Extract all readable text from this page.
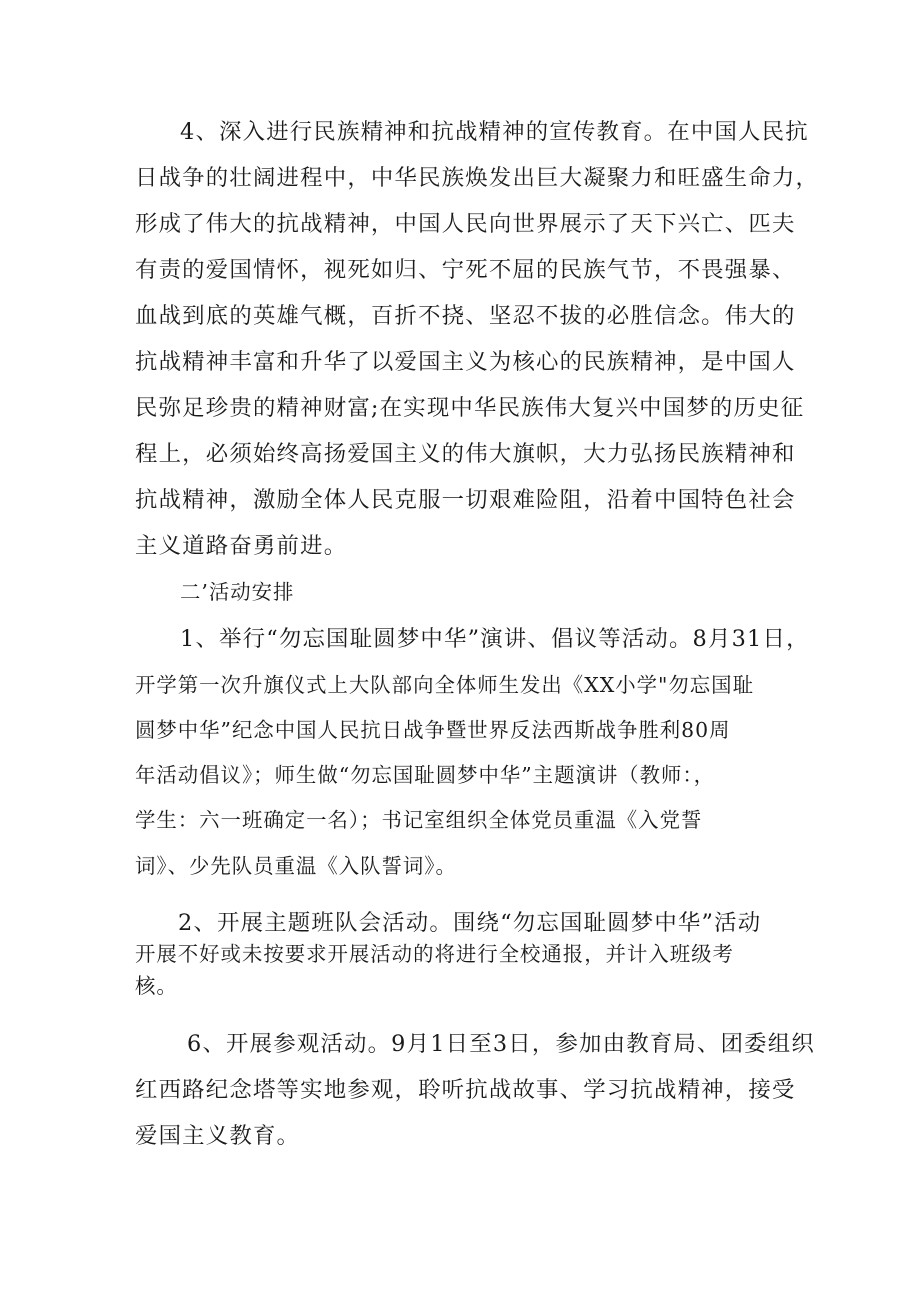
4、深入进行民族精神和抗战精神的宣传教育。在中国人民抗

日战争的壮阔进程中，中华民族焕发出巨大凝聚力和旺盛生命力，

形成了伟大的抗战精神，中国人民向世界展示了天下兴亡、匹夫

有责的爱国情怀，视死如归、宁死不屈的民族气节，不畏强暴、

血战到底的英雄气概，百折不挠、坚忍不拔的必胜信念。伟大的

抗战精神丰富和升华了以爱国主义为核心的民族精神，是中国人

民弥足珍贵的精神财富;在实现中华民族伟大复兴中国梦的历史征

程上，必须始终高扬爱国主义的伟大旗帜，大力弘扬民族精神和

抗战精神，激励全体人民克服一切艰难险阻，沿着中国特色社会

主义道路奋勇前进。

二’活动安排

1、举行“勿忘国耻圆梦中华”演讲、倡议等活动。8月31日，

开学第一次升旗仪式上大队部向全体师生发出《XX小学"勿忘国耻

圆梦中华”纪念中国人民抗日战争暨世界反法西斯战争胜利80周

年活动倡议》；师生做“勿忘国耻圆梦中华”主题演讲（教师：，

学生：六一班确定一名）；书记室组织全体党员重温《入党誓

词》、少先队员重温《入队誓词》。

2、开展主题班队会活动。围绕“勿忘国耻圆梦中华”活动

开展不好或未按要求开展活动的将进行全校通报，并计入班级考

核。

6、开展参观活动。9月1日至3日，参加由教育局、团委组织

红西路纪念塔等实地参观，聆听抗战故事、学习抗战精神，接受

爱国主义教育。
